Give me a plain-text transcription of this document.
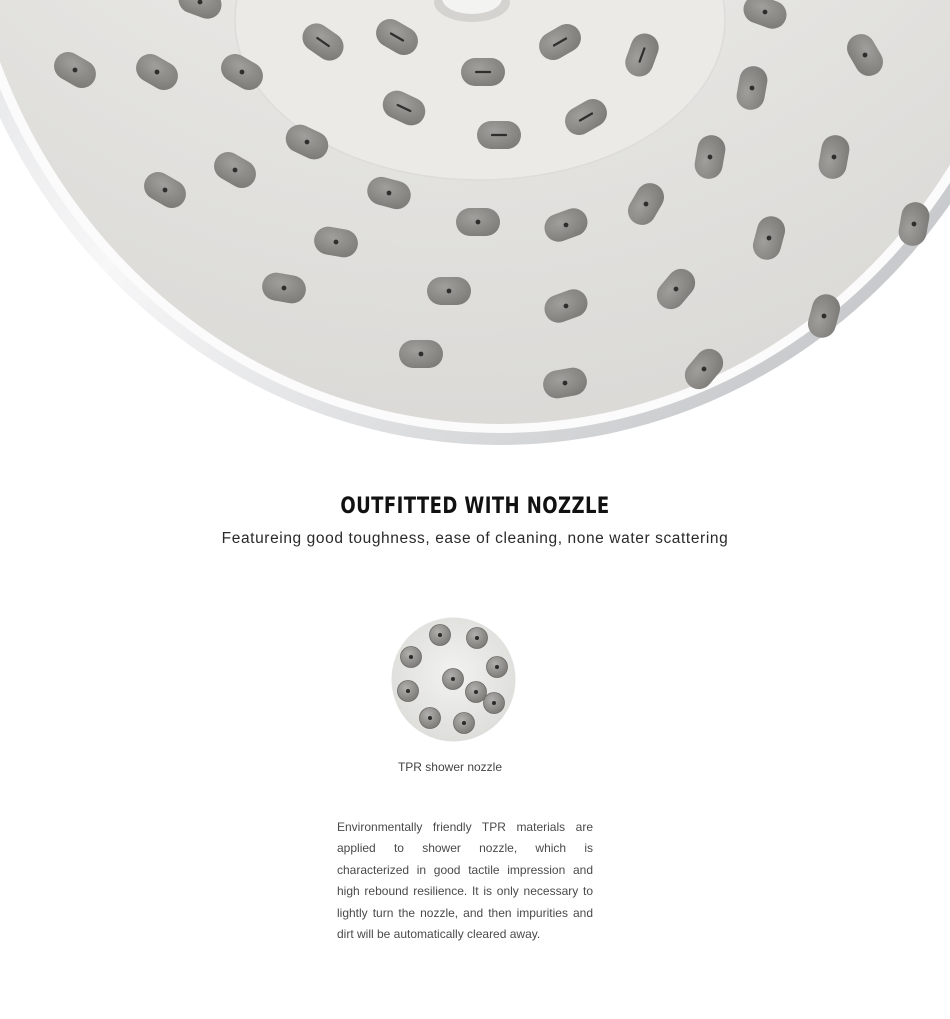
OUTFITTED WITH NOZZLE
Featureing good toughness, ease of cleaning, none water scattering
TPR shower nozzle
Environmentally friendly TPR materials are applied to shower nozzle, which is characterized in good tactile impression and high rebound resilience. It is only necessary to lightly turn the nozzle, and then impurities and dirt will be automatically cleared away.
